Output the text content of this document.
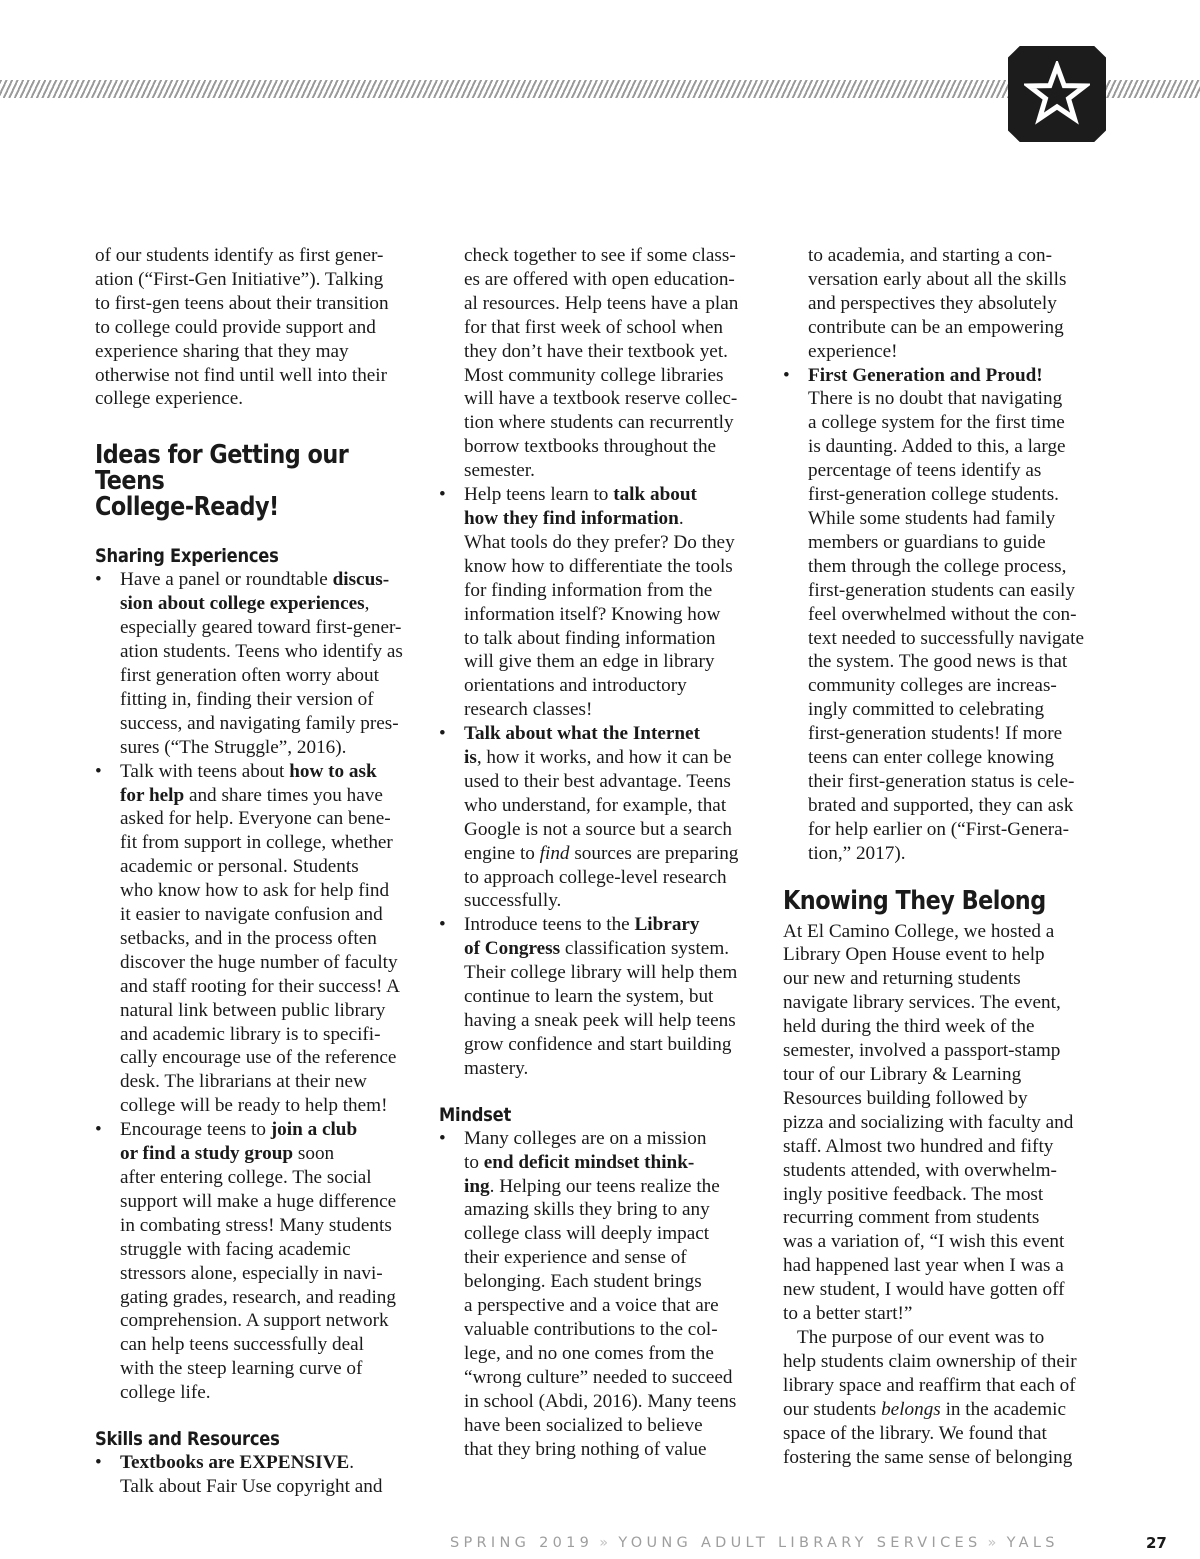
of our students identify as first gener-
ation (“First-Gen Initiative”). Talking
to first-gen teens about their transition
to college could provide support and
experience sharing that they may
otherwise not find until well into their
college experience.
Ideas for Getting our Teens
College-Ready!
Sharing Experiences
• Have a panel or roundtable discus-
sion about college experiences,
especially geared toward first-gener-
ation students. Teens who identify as
first generation often worry about
fitting in, finding their version of
success, and navigating family pres-
sures (“The Struggle”, 2016).
• Talk with teens about how to ask
for help and share times you have
asked for help. Everyone can bene-
fit from support in college, whether
academic or personal. Students
who know how to ask for help find
it easier to navigate confusion and
setbacks, and in the process often
discover the huge number of faculty
and staff rooting for their success! A
natural link between public library
and academic library is to specifi-
cally encourage use of the reference
desk. The librarians at their new
college will be ready to help them!
• Encourage teens to join a club
or find a study group soon
after entering college. The social
support will make a huge difference
in combating stress! Many students
struggle with facing academic
stressors alone, especially in navi-
gating grades, research, and reading
comprehension. A support network
can help teens successfully deal
with the steep learning curve of
college life.
Skills and Resources
• Textbooks are EXPENSIVE.
Talk about Fair Use copyright and
check together to see if some class-
es are offered with open education-
al resources. Help teens have a plan
for that first week of school when
they don’t have their textbook yet.
Most community college libraries
will have a textbook reserve collec-
tion where students can recurrently
borrow textbooks throughout the
semester.
• Help teens learn to talk about
how they find information.
What tools do they prefer? Do they
know how to differentiate the tools
for finding information from the
information itself? Knowing how
to talk about finding information
will give them an edge in library
orientations and introductory
research classes!
• Talk about what the Internet
is, how it works, and how it can be
used to their best advantage. Teens
who understand, for example, that
Google is not a source but a search
engine to find sources are preparing
to approach college-level research
successfully.
• Introduce teens to the Library
of Congress classification system.
Their college library will help them
continue to learn the system, but
having a sneak peek will help teens
grow confidence and start building
mastery.
Mindset
• Many colleges are on a mission
to end deficit mindset think-
ing. Helping our teens realize the
amazing skills they bring to any
college class will deeply impact
their experience and sense of
belonging. Each student brings
a perspective and a voice that are
valuable contributions to the col-
lege, and no one comes from the
“wrong culture” needed to succeed
in school (Abdi, 2016). Many teens
have been socialized to believe
that they bring nothing of value
to academia, and starting a con-
versation early about all the skills
and perspectives they absolutely
contribute can be an empowering
experience!
• First Generation and Proud!
There is no doubt that navigating
a college system for the first time
is daunting. Added to this, a large
percentage of teens identify as
first-generation college students.
While some students had family
members or guardians to guide
them through the college process,
first-generation students can easily
feel overwhelmed without the con-
text needed to successfully navigate
the system. The good news is that
community colleges are increas-
ingly committed to celebrating
first-generation students! If more
teens can enter college knowing
their first-generation status is cele-
brated and supported, they can ask
for help earlier on (“First-Genera-
tion,” 2017).
Knowing They Belong
At El Camino College, we hosted a
Library Open House event to help
our new and returning students
navigate library services. The event,
held during the third week of the
semester, involved a passport-stamp
tour of our Library & Learning
Resources building followed by
pizza and socializing with faculty and
staff. Almost two hundred and fifty
students attended, with overwhelm-
ingly positive feedback. The most
recurring comment from students
was a variation of, “I wish this event
had happened last year when I was a
new student, I would have gotten off
to a better start!”
The purpose of our event was to
help students claim ownership of their
library space and reaffirm that each of
our students belongs in the academic
space of the library. We found that
fostering the same sense of belonging
SPRING 2019 » YOUNG ADULT LIBRARY SERVICES » YALS	27
